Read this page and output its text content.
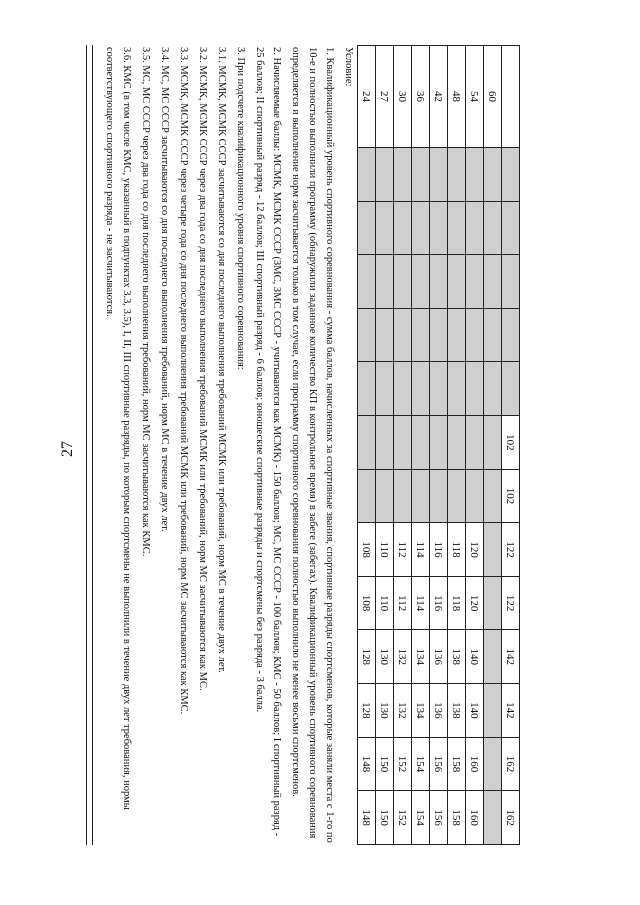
27
							102	102	122	122	142	142	162	162
60													
54								120	120	140	140	160	160
48								118	118	138	138	158	158
42								116	116	136	136	156	156
36								114	114	134	134	154	154
30								112	112	132	132	152	152
27								110	110	130	130	150	150
24								108	108	128	128	148	148

Условие:

1. Квалификационный уровень спортивного соревнования - сумма баллов, начисленных за спортивные звания, спортивные разряды спортсменов, которые заняли места с 1-го по 10-е и полностью выполнили программу (обнаружили заданное количество КП в контрольное время) в забеге (забегах). Квалификационный уровень спортивного соревнования определяется и выполнение норм засчитывается только в том случае, если программу спортивного соревнования полностью выполнило не менее восьми спортсменов.

2. Начисляемые баллы: МСМК, МСМК СССР (ЗМС, ЗМС СССР - учитываются как МСМК) - 150 баллов; МС, МС СССР - 100 баллов; КМС - 50 баллов; I спортивный разряд - 25 баллов; II спортивный разряд - 12 баллов; III спортивный разряд - 6 баллов; юношеские спортивные разряды и спортсмены без разряда - 3 балла.

3. При подсчете квалификационного уровня спортивного соревнования:

3.1. МСМК, МСМК СССР засчитываются со дня последнего выполнения требований МСМК или требований, норм МС в течение двух лет.

3.2. МСМК, МСМК СССР через два года со дня последнего выполнения требований МСМК или требований, норм МС засчитываются как МС.

3.3. МСМК, МСМК СССР через четыре года со дня последнего выполнения требований МСМК или требований, норм МС засчитываются как КМС.

3.4. МС, МС СССР засчитываются со дня последнего выполнения требований, норм МС в течение двух лет.

3.5. МС, МС СССР через два года со дня последнего выполнения требований, норм МС засчитываются как КМС.

3.6. КМС (в том числе КМС, указанный в подпунктах 3.3, 3.5), I, II, III спортивные разряды, по которым спортсмены не выполнили в течение двух лет требования, нормы соответствующего спортивного разряда - не засчитываются.
